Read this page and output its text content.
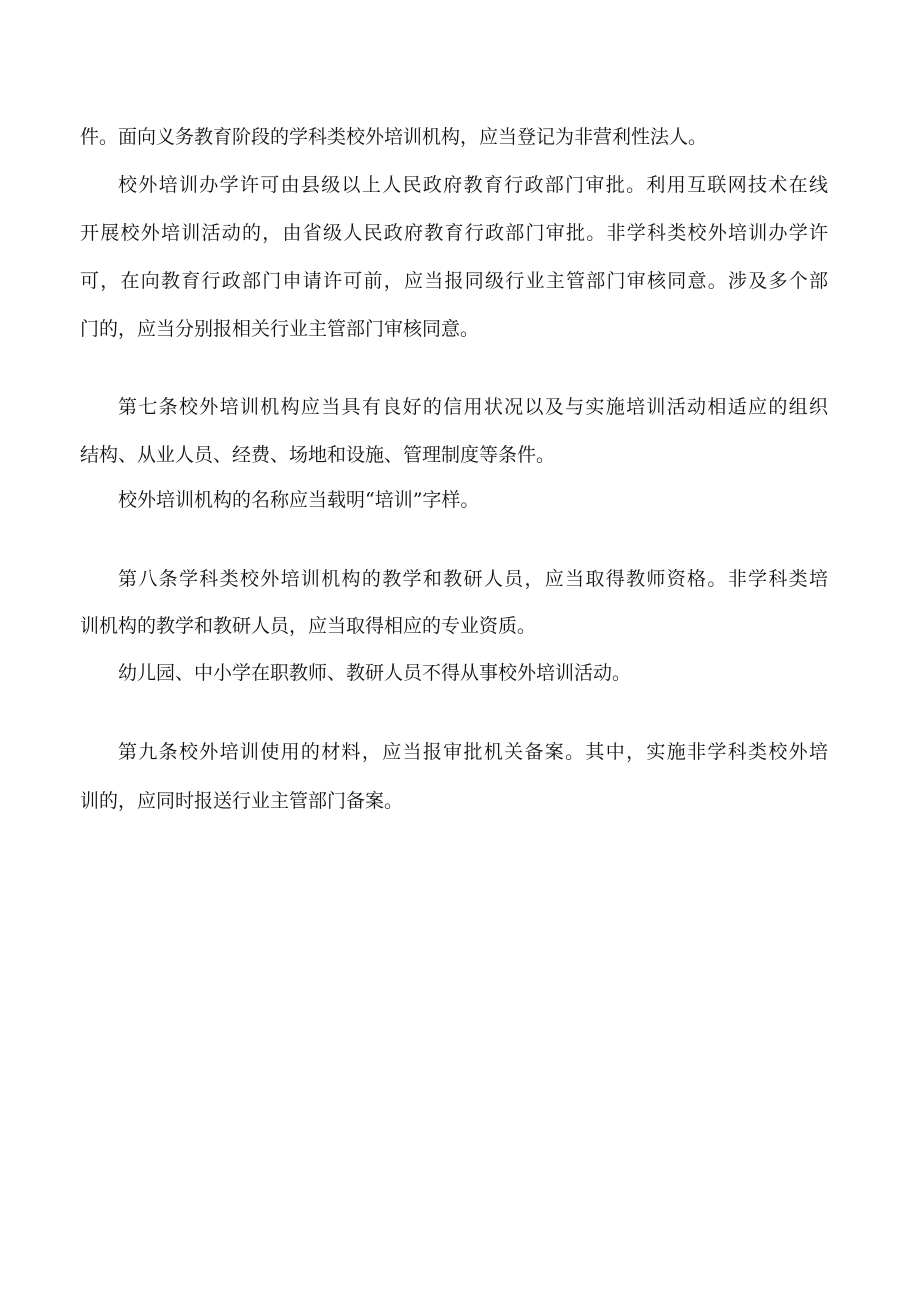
件。面向义务教育阶段的学科类校外培训机构，应当登记为非营利性法人。

校外培训办学许可由县级以上人民政府教育行政部门审批。利用互联网技术在线

开展校外培训活动的，由省级人民政府教育行政部门审批。非学科类校外培训办学许

可，在向教育行政部门申请许可前，应当报同级行业主管部门审核同意。涉及多个部

门的，应当分别报相关行业主管部门审核同意。

第七条校外培训机构应当具有良好的信用状况以及与实施培训活动相适应的组织

结构、从业人员、经费、场地和设施、管理制度等条件。

校外培训机构的名称应当载明“培训”字样。

第八条学科类校外培训机构的教学和教研人员，应当取得教师资格。非学科类培

训机构的教学和教研人员，应当取得相应的专业资质。

幼儿园、中小学在职教师、教研人员不得从事校外培训活动。

第九条校外培训使用的材料，应当报审批机关备案。其中，实施非学科类校外培

训的，应同时报送行业主管部门备案。
